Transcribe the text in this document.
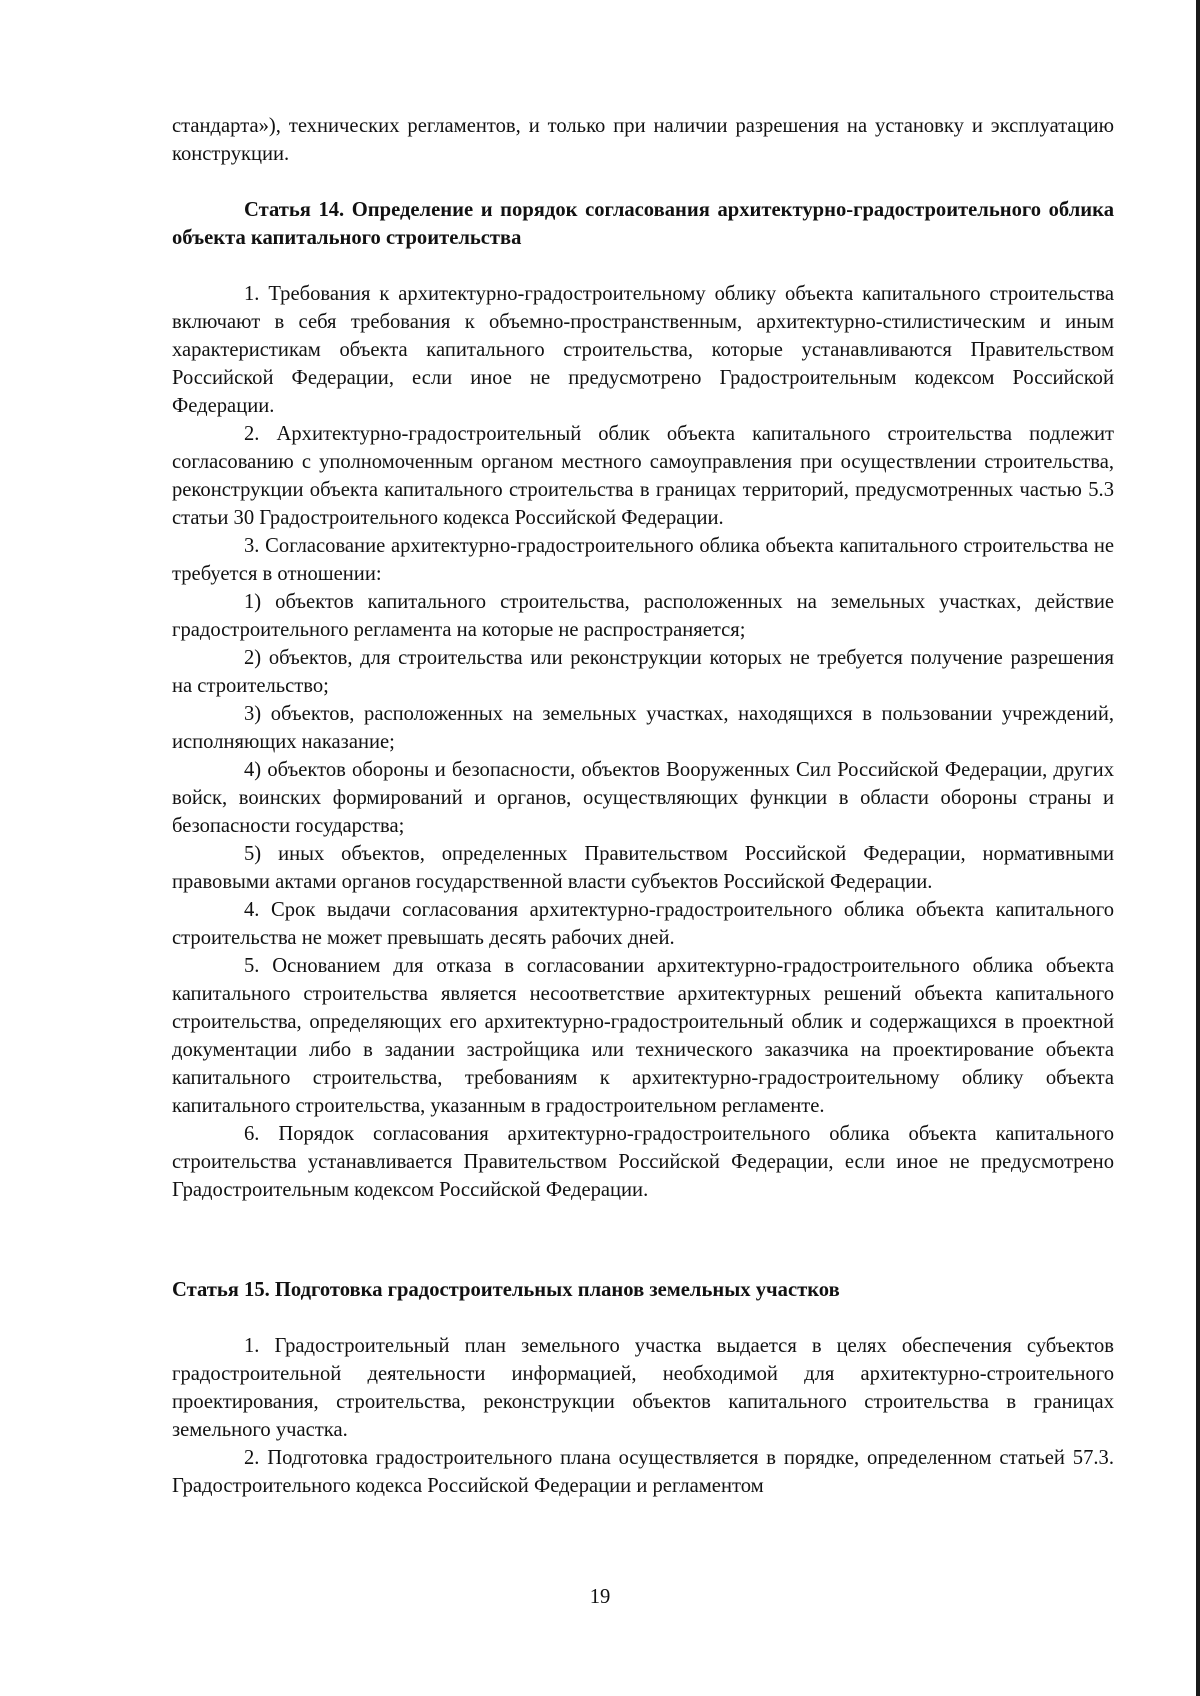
стандарта»), технических регламентов, и только при наличии разрешения на установку и эксплуатацию конструкции.

Статья 14. Определение и порядок согласования архитектурно-градостроительного облика объекта капитального строительства

1. Требования к архитектурно-градостроительному облику объекта капитального строительства включают в себя требования к объемно-пространственным, архитектурно-стилистическим и иным характеристикам объекта капитального строительства, которые устанавливаются Правительством Российской Федерации, если иное не предусмотрено Градостроительным кодексом Российской Федерации.

2. Архитектурно-градостроительный облик объекта капитального строительства подлежит согласованию с уполномоченным органом местного самоуправления при осуществлении строительства, реконструкции объекта капитального строительства в границах территорий, предусмотренных частью 5.3 статьи 30 Градостроительного кодекса Российской Федерации.

3. Согласование архитектурно-градостроительного облика объекта капитального строительства не требуется в отношении:

1) объектов капитального строительства, расположенных на земельных участках, действие градостроительного регламента на которые не распространяется;

2) объектов, для строительства или реконструкции которых не требуется получение разрешения на строительство;

3) объектов, расположенных на земельных участках, находящихся в пользовании учреждений, исполняющих наказание;

4) объектов обороны и безопасности, объектов Вооруженных Сил Российской Федерации, других войск, воинских формирований и органов, осуществляющих функции в области обороны страны и безопасности государства;

5) иных объектов, определенных Правительством Российской Федерации, нормативными правовыми актами органов государственной власти субъектов Российской Федерации.

4. Срок выдачи согласования архитектурно-градостроительного облика объекта капитального строительства не может превышать десять рабочих дней.

5. Основанием для отказа в согласовании архитектурно-градостроительного облика объекта капитального строительства является несоответствие архитектурных решений объекта капитального строительства, определяющих его архитектурно-градостроительный облик и содержащихся в проектной документации либо в задании застройщика или технического заказчика на проектирование объекта капитального строительства, требованиям к архитектурно-градостроительному облику объекта капитального строительства, указанным в градостроительном регламенте.

6. Порядок согласования архитектурно-градостроительного облика объекта капитального строительства устанавливается Правительством Российской Федерации, если иное не предусмотрено Градостроительным кодексом Российской Федерации.

Статья 15. Подготовка градостроительных планов земельных участков

1. Градостроительный план земельного участка выдается в целях обеспечения субъектов градостроительной деятельности информацией, необходимой для архитектурно-строительного проектирования, строительства, реконструкции объектов капитального строительства в границах земельного участка.

2. Подготовка градостроительного плана осуществляется в порядке, определенном статьей 57.3. Градостроительного кодекса Российской Федерации и регламентом

19
